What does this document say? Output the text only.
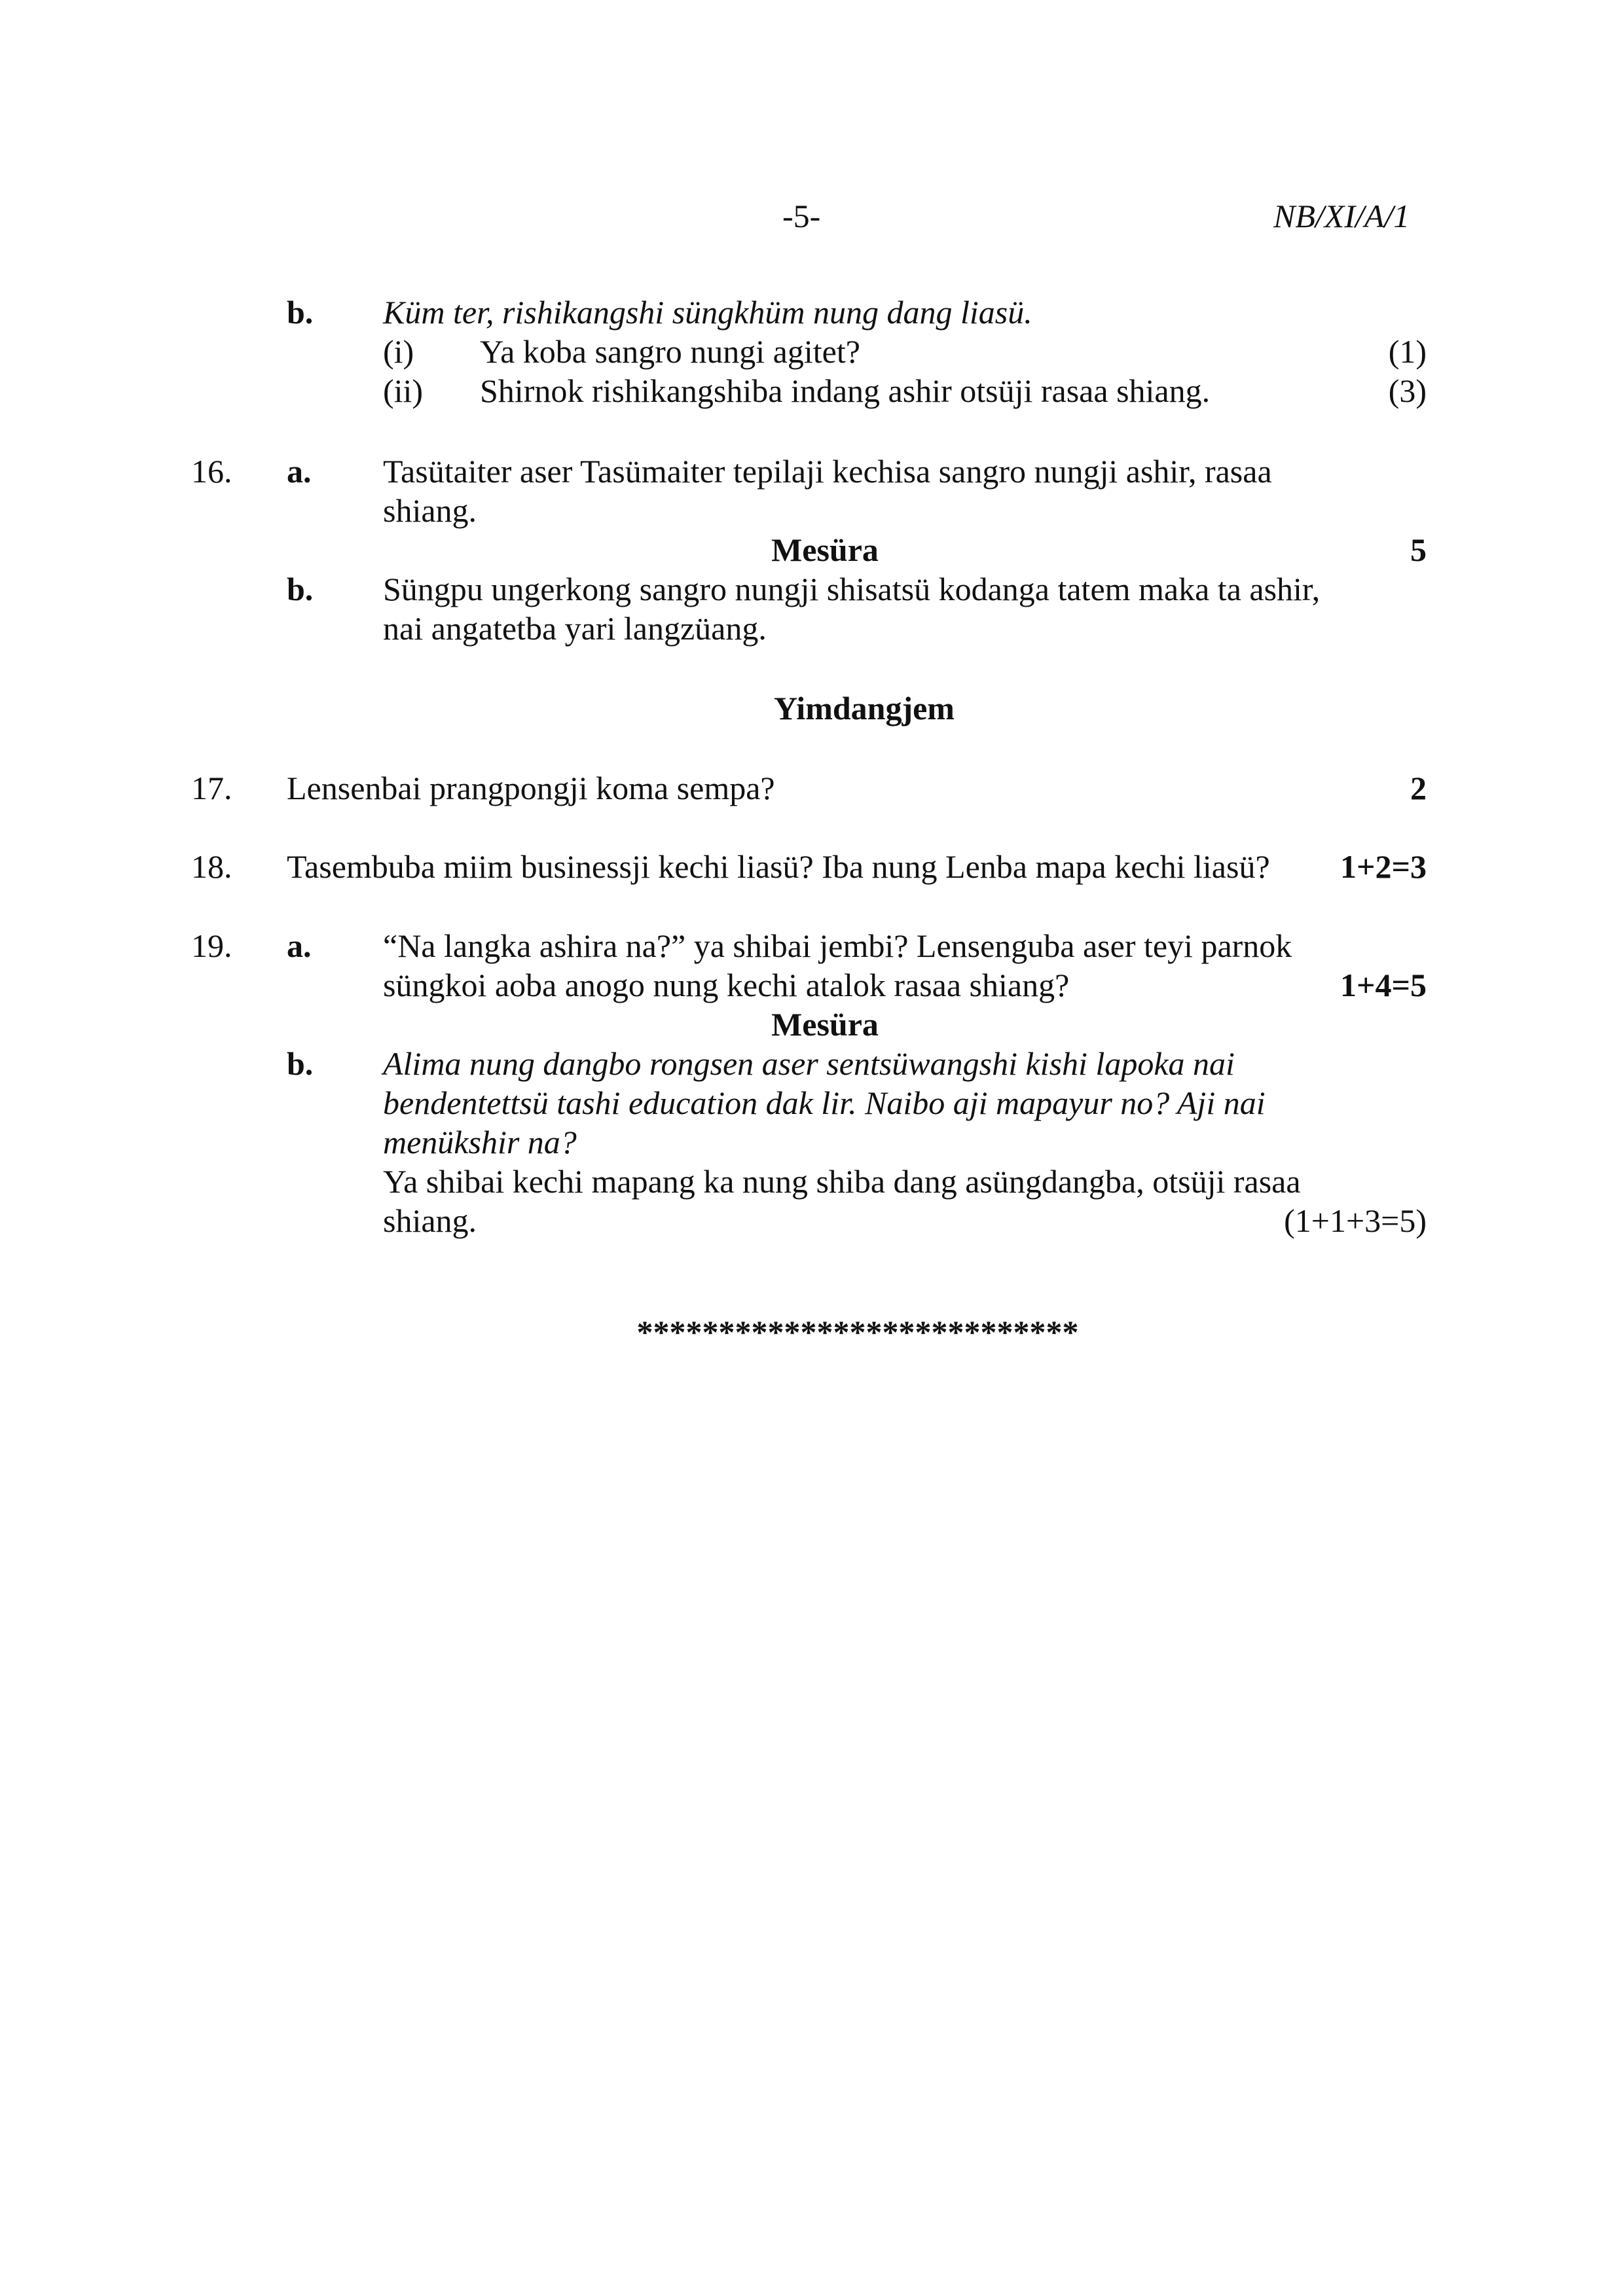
-5-	NB/XI/A/1
b. Küm ter, rishikangshi süngkhüm nung dang liasü.
(i) Ya koba sangro nungi agitet?	(1)
(ii) Shirnok rishikangshiba indang ashir otsüji rasaa shiang.	(3)
16. a. Tasütaiter aser Tasümaiter tepilaji kechisa sangro nungji ashir, rasaa
shiang.
Mesüra	5
b. Süngpu ungerkong sangro nungji shisatsü kodanga tatem maka ta ashir,
nai angatetba yari langzüang.
Yimdangjem
17. Lensenbai prangpongji koma sempa?	2
18. Tasembuba miim businessji kechi liasü? Iba nung Lenba mapa kechi liasü? 1+2=3
19. a. “Na langka ashira na?” ya shibai jembi? Lensenguba aser teyi parnok
süngkoi aoba anogo nung kechi atalok rasaa shiang?	1+4=5
Mesüra
b. Alima nung dangbo rongsen aser sentsüwangshi kishi lapoka nai
bendentettsü tashi education dak lir. Naibo aji mapayur no? Aji nai
menükshir na?
Ya shibai kechi mapang ka nung shiba dang asüngdangba, otsüji rasaa
shiang.	(1+1+3=5)
***************************
